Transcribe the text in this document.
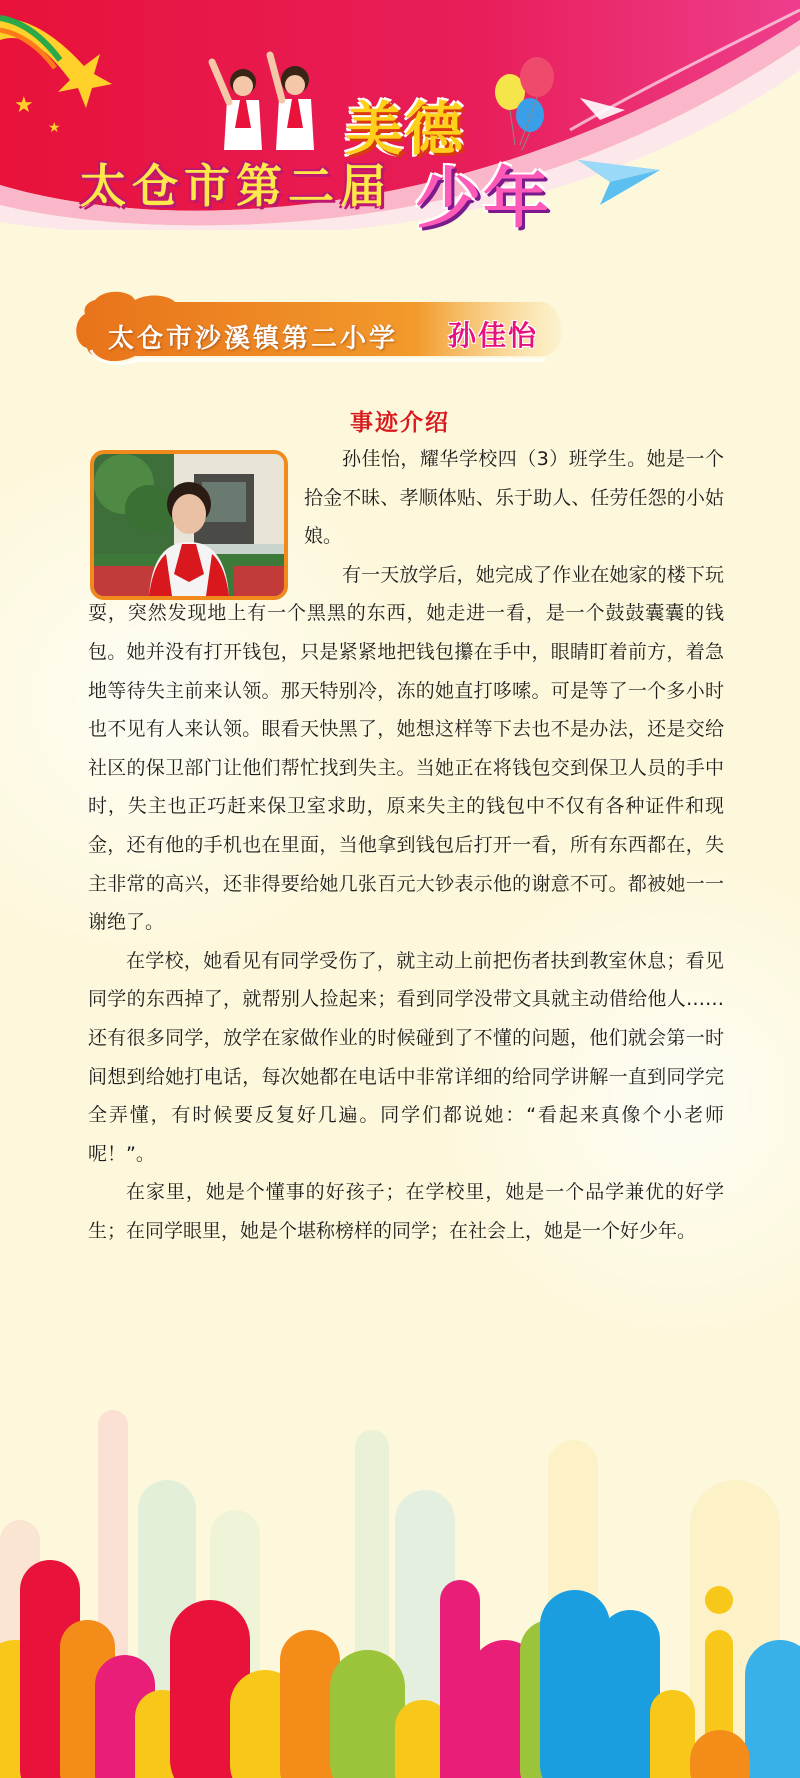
★
★
太仓市第二届
美德
少年
太仓市沙溪镇第二小学 孙佳怡
事迹介绍

孙佳怡，耀华学校四（3）班学生。她是一个拾金不昧、孝顺体贴、乐于助人、任劳任怨的小姑娘。

有一天放学后，她完成了作业在她家的楼下玩耍，突然发现地上有一个黑黑的东西，她走进一看，是一个鼓鼓囊囊的钱包。她并没有打开钱包，只是紧紧地把钱包攥在手中，眼睛盯着前方，着急地等待失主前来认领。那天特别冷，冻的她直打哆嗦。可是等了一个多小时也不见有人来认领。眼看天快黑了，她想这样等下去也不是办法，还是交给社区的保卫部门让他们帮忙找到失主。当她正在将钱包交到保卫人员的手中时，失主也正巧赶来保卫室求助，原来失主的钱包中不仅有各种证件和现金，还有他的手机也在里面，当他拿到钱包后打开一看，所有东西都在，失主非常的高兴，还非得要给她几张百元大钞表示他的谢意不可。都被她一一谢绝了。

在学校，她看见有同学受伤了，就主动上前把伤者扶到教室休息；看见同学的东西掉了，就帮别人捡起来；看到同学没带文具就主动借给他人……还有很多同学，放学在家做作业的时候碰到了不懂的问题，他们就会第一时间想到给她打电话，每次她都在电话中非常详细的给同学讲解一直到同学完全弄懂，有时候要反复好几遍。同学们都说她：“看起来真像个小老师呢！”。

在家里，她是个懂事的好孩子；在学校里，她是一个品学兼优的好学生；在同学眼里，她是个堪称榜样的同学；在社会上，她是一个好少年。
